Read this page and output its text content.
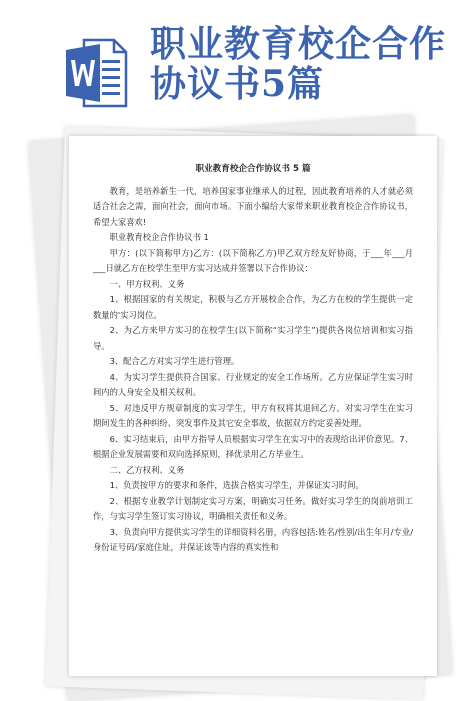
职业教育校企合作
协议书5篇
职业教育校企合作协议书 5 篇

教育，是培养新生一代，培养国家事业继承人的过程，因此教育培养的人才就必须适合社会之需，面向社会，面向市场。下面小编给大家带来职业教育校企合作协议书，希望大家喜欢!

职业教育校企合作协议书 1

甲方：(以下简称甲方)乙方：(以下简称乙方)甲乙双方经友好协商，于___年___月___日就乙方在校学生至甲方实习达成并签署以下合作协议：

一、甲方权利、义务

1、根据国家的有关规定，积极与乙方开展校企合作，为乙方在校的学生提供一定数量的'实习岗位。

2、为乙方来甲方实习的在校学生(以下简称“实习学生”)提供各岗位培训和实习指导。

3、配合乙方对实习学生进行管理。

4、为实习学生提供符合国家、行业规定的安全工作场所。乙方应保证学生实习时间内的人身安全及相关权利。

5、对违反甲方规章制度的实习学生，甲方有权将其退回乙方。对实习学生在实习期间发生的各种纠纷、突发事件及其它安全事故，依据双方约定妥善处理。

6、实习结束后，由甲方指导人员根据实习学生在实习中的表现给出评价意见。7、根据企业发展需要和双向选择原则，择优录用乙方毕业生。

二、乙方权利、义务

1、负责按甲方的要求和条件，选拔合格实习学生，并保证实习时间。

2、根据专业教学计划制定实习方案，明确实习任务。做好实习学生的岗前培训工作，与实习学生签订实习协议，明确相关责任和义务。

3、负责向甲方提供实习学生的详细资料名册，内容包括:姓名/性别/出生年月/专业/身份证号码/家庭住址，并保证该等内容的真实性和
